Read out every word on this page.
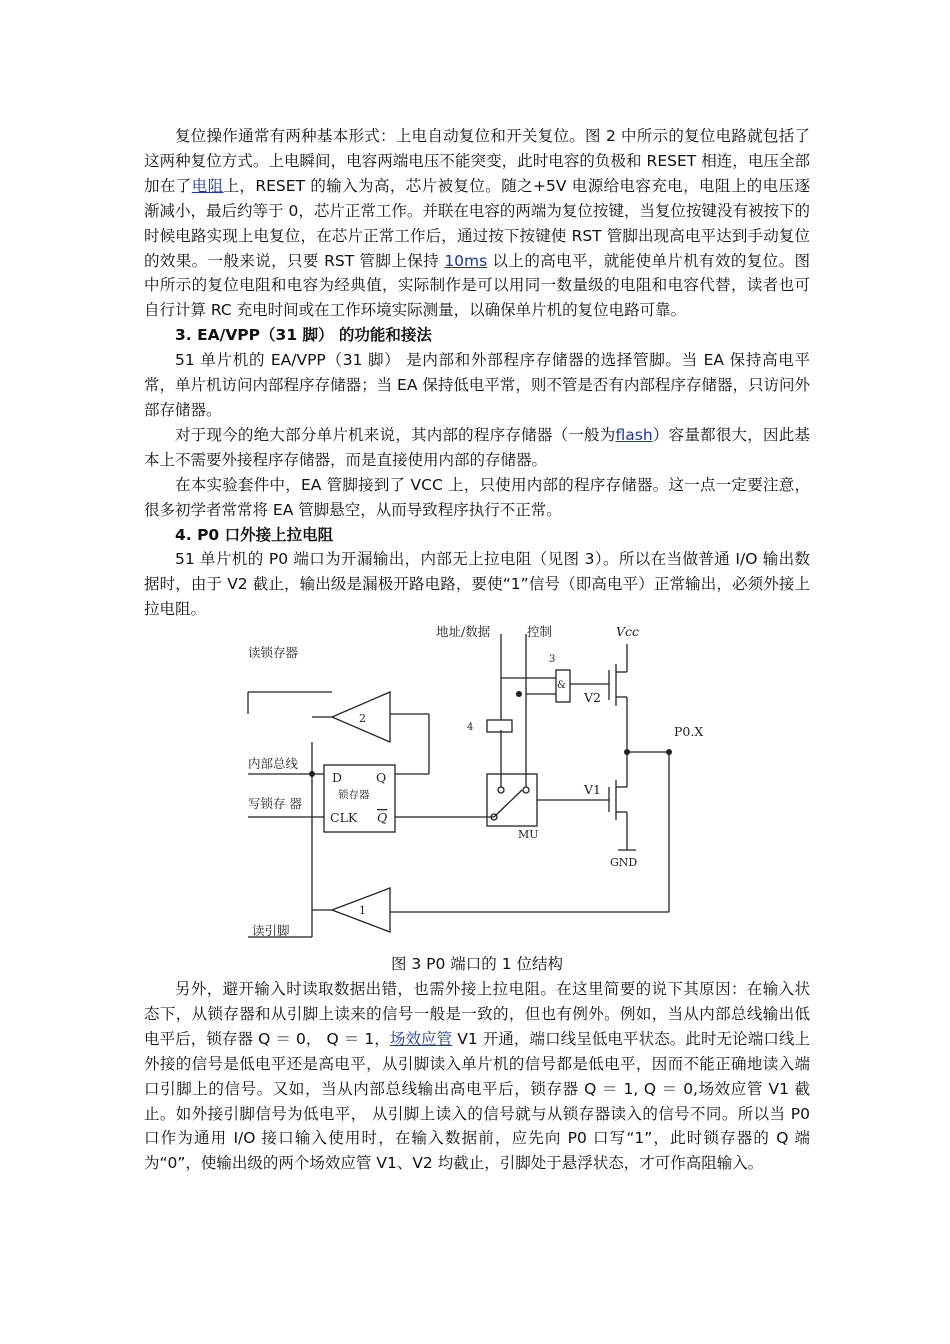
复位操作通常有两种基本形式：上电自动复位和开关复位。图 2 中所示的复位电路就包括了这两种复位方式。上电瞬间，电容两端电压不能突变，此时电容的负极和 RESET 相连，电压全部加在了电阻上，RESET 的输入为高，芯片被复位。随之+5V 电源给电容充电，电阻上的电压逐渐减小，最后约等于 0，芯片正常工作。并联在电容的两端为复位按键，当复位按键没有被按下的时候电路实现上电复位，在芯片正常工作后，通过按下按键使 RST 管脚出现高电平达到手动复位的效果。一般来说，只要 RST 管脚上保持 10ms 以上的高电平，就能使单片机有效的复位。图中所示的复位电阻和电容为经典值，实际制作是可以用同一数量级的电阻和电容代替，读者也可自行计算 RC 充电时间或在工作环境实际测量，以确保单片机的复位电路可靠。

3. EA/VPP（31 脚） 的功能和接法

51 单片机的 EA/VPP（31 脚） 是内部和外部程序存储器的选择管脚。当 EA 保持高电平常，单片机访问内部程序存储器；当 EA 保持低电平常，则不管是否有内部程序存储器，只访问外部存储器。

对于现今的绝大部分单片机来说，其内部的程序存储器（一般为flash）容量都很大，因此基本上不需要外接程序存储器，而是直接使用内部的存储器。

在本实验套件中，EA 管脚接到了 VCC 上，只使用内部的程序存储器。这一点一定要注意，很多初学者常常将 EA 管脚悬空，从而导致程序执行不正常。

4. P0 口外接上拉电阻

51 单片机的 P0 端口为开漏输出，内部无上拉电阻（见图 3）。所以在当做普通 I/O 输出数据时，由于 V2 截止，输出级是漏极开路电路，要使“1”信号（即高电平）正常输出，必须外接上拉电阻。

地址/数据	控制	Vcc
读锁存器
内部总线
写锁存 器
读引脚
D	Q
锁存器
CLK Q
MU
&
3
4
2
1
V2
V1
P0.X
GND

图 3 P0 端口的 1 位结构

另外，避开输入时读取数据出错，也需外接上拉电阻。在这里简要的说下其原因：在输入状态下，从锁存器和从引脚上读来的信号一般是一致的，但也有例外。例如，当从内部总线输出低电平后，锁存器 Q ＝ 0， Q ＝ 1，场效应管 V1 开通，端口线呈低电平状态。此时无论端口线上外接的信号是低电平还是高电平，从引脚读入单片机的信号都是低电平，因而不能正确地读入端口引脚上的信号。又如，当从内部总线输出高电平后，锁存器 Q ＝ 1, Q ＝ 0,场效应管 V1 截止。如外接引脚信号为低电平， 从引脚上读入的信号就与从锁存器读入的信号不同。所以当 P0 口作为通用 I/O 接口输入使用时，在输入数据前，应先向 P0 口写“1”，此时锁存器的 Q 端为“0”，使输出级的两个场效应管 V1、V2 均截止，引脚处于悬浮状态，才可作高阻输入。
